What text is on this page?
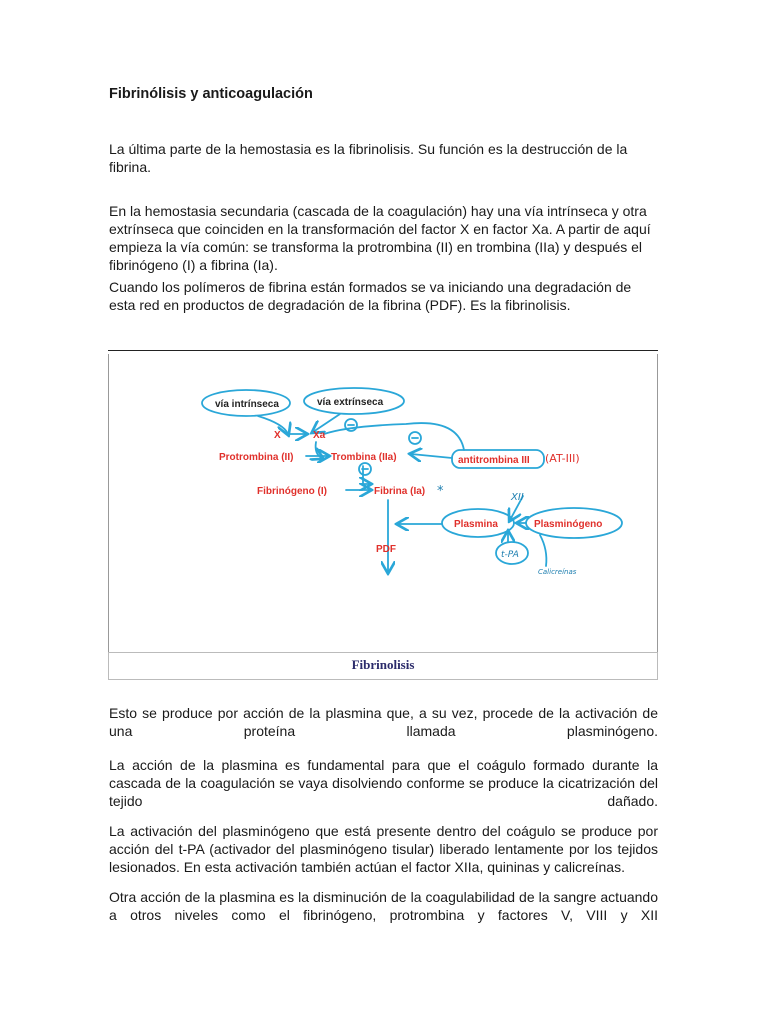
Fibrinólisis y anticoagulación

La última parte de la hemostasia es la fibrinolisis. Su función es la destrucción de la fibrina.

En la hemostasia secundaria (cascada de la coagulación) hay una vía intrínseca y otra extrínseca que coinciden en la transformación del factor X en factor Xa. A partir de aquí empieza la vía común: se transforma la protrombina (II) en trombina (IIa) y después el fibrinógeno (I) a fibrina (Ia).

Cuando los polímeros de fibrina están formados se va iniciando una degradación de esta red en productos de degradación de la fibrina (PDF). Es la fibrinolisis.

vía intrínseca	vía extrínseca
X	Xa
Protrombina (II)	Trombina (IIa)	antitrombina III (AT-III)
Fibrinógeno (I)	Fibrina (Ia) *
Plasmina	Plasminógeno
XII
t-PA
Calicreínas
PDF
Fibrinolisis

Esto se produce por acción de la plasmina que, a su vez, procede de la activación de una proteína llamada plasminógeno.

La acción de la plasmina es fundamental para que el coágulo formado durante la cascada de la coagulación se vaya disolviendo conforme se produce la cicatrización del tejido dañado.

La activación del plasminógeno que está presente dentro del coágulo se produce por acción del t-PA (activador del plasminógeno tisular) liberado lentamente por los tejidos lesionados. En esta activación también actúan el factor XIIa, quininas y calicreínas.

Otra acción de la plasmina es la disminución de la coagulabilidad de la sangre actuando a otros niveles como el fibrinógeno, protrombina y factores V, VIII y XII
